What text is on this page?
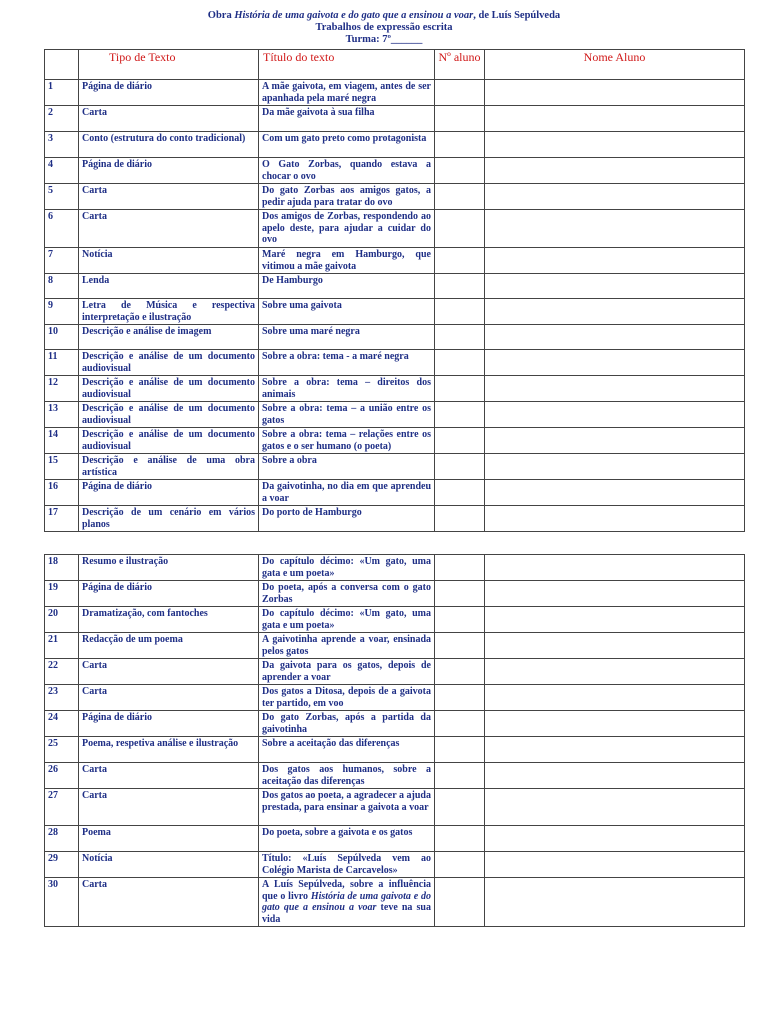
Obra História de uma gaivota e do gato que a ensinou a voar, de Luís Sepúlveda
Trabalhos de expressão escrita
Turma: 7º______
	Tipo de Texto	Título do texto	Nº aluno	Nome Aluno
1	Página de diário	A mãe gaivota, em viagem, antes de ser apanhada pela maré negra		
2	Carta	Da mãe gaivota à sua filha		
3	Conto (estrutura do conto tradicional)	Com um gato preto como protagonista		
4	Página de diário	O Gato Zorbas, quando estava a chocar o ovo		
5	Carta	Do gato Zorbas aos amigos gatos, a pedir ajuda para tratar do ovo		
6	Carta	Dos amigos de Zorbas, respondendo ao apelo deste, para ajudar a cuidar do ovo		
7	Notícia	Maré negra em Hamburgo, que vitimou a mãe gaivota		
8	Lenda	De Hamburgo		
9	Letra de Música e respectiva interpretação e ilustração	Sobre uma gaivota		
10	Descrição e análise de imagem	Sobre uma maré negra		
11	Descrição e análise de um documento audiovisual	Sobre a obra: tema - a maré negra		
12	Descrição e análise de um documento audiovisual	Sobre a obra: tema – direitos dos animais		
13	Descrição e análise de um documento audiovisual	Sobre a obra: tema – a união entre os gatos		
14	Descrição e análise de um documento audiovisual	Sobre a obra: tema – relações entre os gatos e o ser humano (o poeta)		
15	Descrição e análise de uma obra artística	Sobre a obra		
16	Página de diário	Da gaivotinha, no dia em que aprendeu a voar		
17	Descrição de um cenário em vários planos	Do porto de Hamburgo		
18	Resumo e ilustração	Do capítulo décimo: «Um gato, uma gata e um poeta»		
19	Página de diário	Do poeta, após a conversa com o gato Zorbas		
20	Dramatização, com fantoches	Do capítulo décimo: «Um gato, uma gata e um poeta»		
21	Redacção de um poema	A gaivotinha aprende a voar, ensinada pelos gatos		
22	Carta	Da gaivota para os gatos, depois de aprender a voar		
23	Carta	Dos gatos a Ditosa, depois de a gaivota ter partido, em voo		
24	Página de diário	Do gato Zorbas, após a partida da gaivotinha		
25	Poema, respetiva análise e ilustração	Sobre a aceitação das diferenças		
26	Carta	Dos gatos aos humanos, sobre a aceitação das diferenças		
27	Carta	Dos gatos ao poeta, a agradecer a ajuda prestada, para ensinar a gaivota a voar		
28	Poema	Do poeta, sobre a gaivota e os gatos		
29	Notícia	Título: «Luís Sepúlveda vem ao Colégio Marista de Carcavelos»		
30	Carta	A Luís Sepúlveda, sobre a influência que o livro História de uma gaivota e do gato que a ensinou a voar teve na sua vida		
